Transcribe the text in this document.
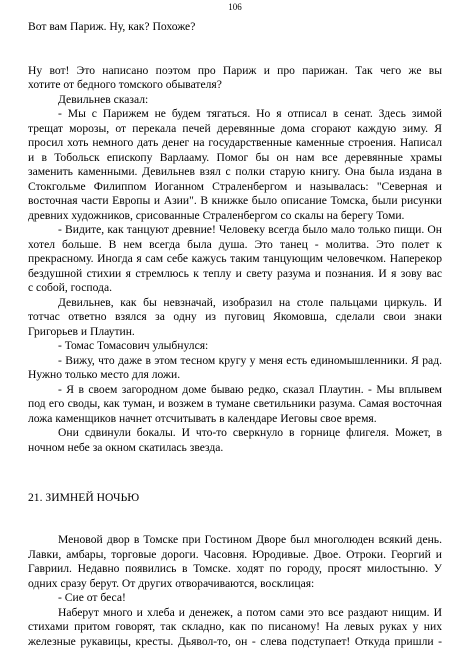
106
Вот вам Париж. Ну, как? Похоже?
Ну вот! Это написано поэтом про Париж и про парижан. Так чего же вы
хотите от бедного томского обывателя?
Девильнев сказал:
- Мы с Парижем не будем тягаться. Но я отписал в сенат. Здесь зимой
трещат морозы, от перекала печей деревянные дома сгорают каждую зиму. Я
просил хоть немного дать денег на государственные каменные строения. Написал
и в Тобольск епископу Варлааму. Помог бы он нам все деревянные храмы
заменить каменными. Девильнев взял с полки старую книгу. Она была издана в
Стокгольме Филиппом Иоганном Страленбергом и называлась: "Северная и
восточная части Европы и Азии". В книжке было описание Томска, были рисунки
древних художников, срисованные Страленбергом со скалы на берегу Томи.
- Видите, как танцуют древние! Человеку всегда было мало только пищи. Он
хотел больше. В нем всегда была душа. Это танец - молитва. Это полет к
прекрасному. Иногда я сам себе кажусь таким танцующим человечком. Наперекор
бездушной стихии я стремлюсь к теплу и свету разума и познания. И я зову вас
с собой, господа.
Девильнев, как бы невзначай, изобразил на столе пальцами циркуль. И
тотчас ответно взялся за одну из пуговиц Якомовша, сделали свои знаки
Григорьев и Плаутин.
- Томас Томасович улыбнулся:
- Вижу, что даже в этом тесном кругу у меня есть единомышленники. Я рад.
Нужно только место для ложи.
- Я в своем загородном доме бываю редко, сказал Плаутин. - Мы вплывем
под его своды, как туман, и возжем в тумане светильники разума. Самая восточная
ложа каменщиков начнет отсчитывать в календаре Иеговы свое время.
Они сдвинули бокалы. И что-то сверкнуло в горнице флигеля. Может, в
ночном небе за окном скатилась звезда.
21. ЗИМНЕЙ НОЧЬЮ
Меновой двор в Томске при Гостином Дворе был многолюден всякий день.
Лавки, амбары, торговые дороги. Часовня. Юродивые. Двое. Отроки. Георгий и
Гавриил. Недавно появились в Томске. ходят по городу, просят милостыню. У
одних сразу берут. От других отворачиваются, восклицая:
- Сие от беса!
Наберут много и хлеба и денежек, а потом сами это все раздают нищим. И
стихами притом говорят, так складно, как по писаному! На левых руках у них
железные рукавицы, кресты. Дьявол-то, он - слева подступает! Откуда пришли -
